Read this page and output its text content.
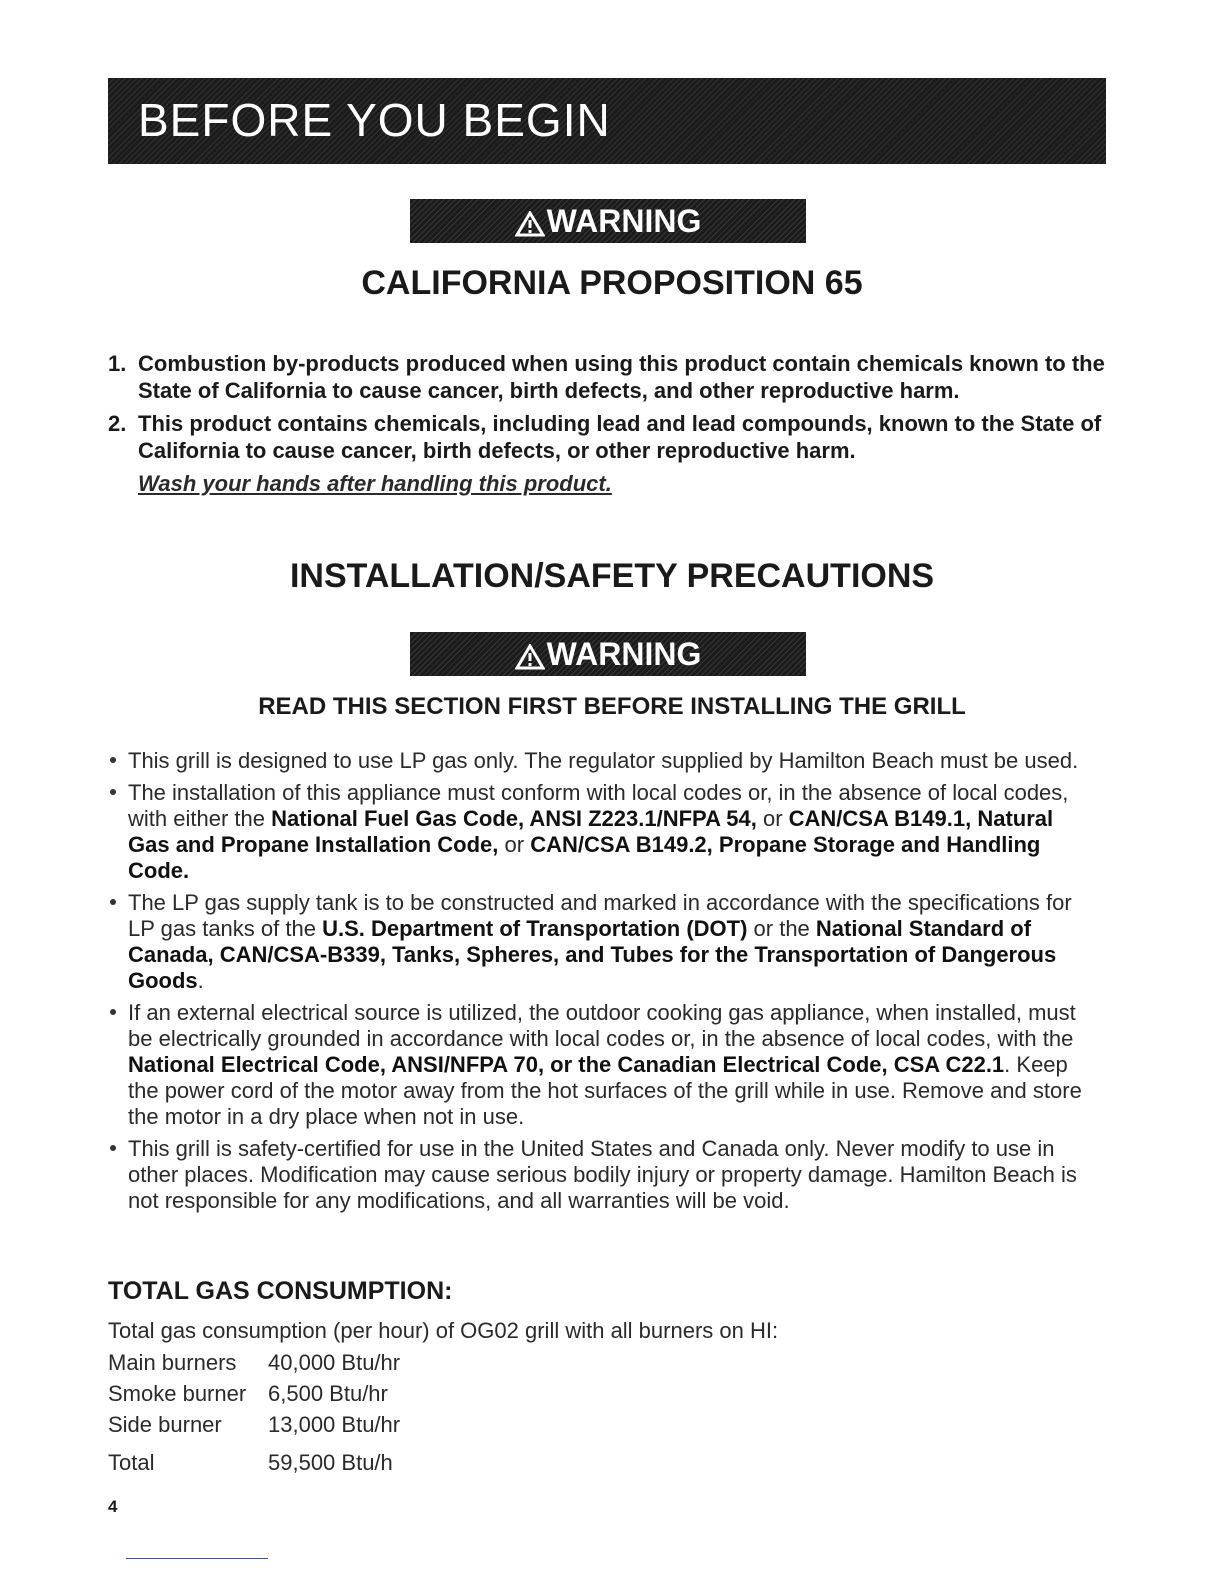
BEFORE YOU BEGIN
WARNING
CALIFORNIA PROPOSITION 65
1. Combustion by-products produced when using this product contain chemicals known to the State of California to cause cancer, birth defects, and other reproductive harm.
2. This product contains chemicals, including lead and lead compounds, known to the State of California to cause cancer, birth defects, or other reproductive harm.
Wash your hands after handling this product.
INSTALLATION/SAFETY PRECAUTIONS
WARNING
READ THIS SECTION FIRST BEFORE INSTALLING THE GRILL
This grill is designed to use LP gas only. The regulator supplied by Hamilton Beach must be used.
The installation of this appliance must conform with local codes or, in the absence of local codes, with either the National Fuel Gas Code, ANSI Z223.1/NFPA 54, or CAN/CSA B149.1, Natural Gas and Propane Installation Code, or CAN/CSA B149.2, Propane Storage and Handling Code.
The LP gas supply tank is to be constructed and marked in accordance with the specifications for LP gas tanks of the U.S. Department of Transportation (DOT) or the National Standard of Canada, CAN/CSA-B339, Tanks, Spheres, and Tubes for the Transportation of Dangerous Goods.
If an external electrical source is utilized, the outdoor cooking gas appliance, when installed, must be electrically grounded in accordance with local codes or, in the absence of local codes, with the National Electrical Code, ANSI/NFPA 70, or the Canadian Electrical Code, CSA C22.1. Keep the power cord of the motor away from the hot surfaces of the grill while in use. Remove and store the motor in a dry place when not in use.
This grill is safety-certified for use in the United States and Canada only. Never modify to use in other places. Modification may cause serious bodily injury or property damage. Hamilton Beach is not responsible for any modifications, and all warranties will be void.
TOTAL GAS CONSUMPTION:
Total gas consumption (per hour) of OG02 grill with all burners on HI:
Main burners 40,000 Btu/hr
Smoke burner 6,500 Btu/hr
Side burner 13,000 Btu/hr
Total	59,500 Btu/h
4
